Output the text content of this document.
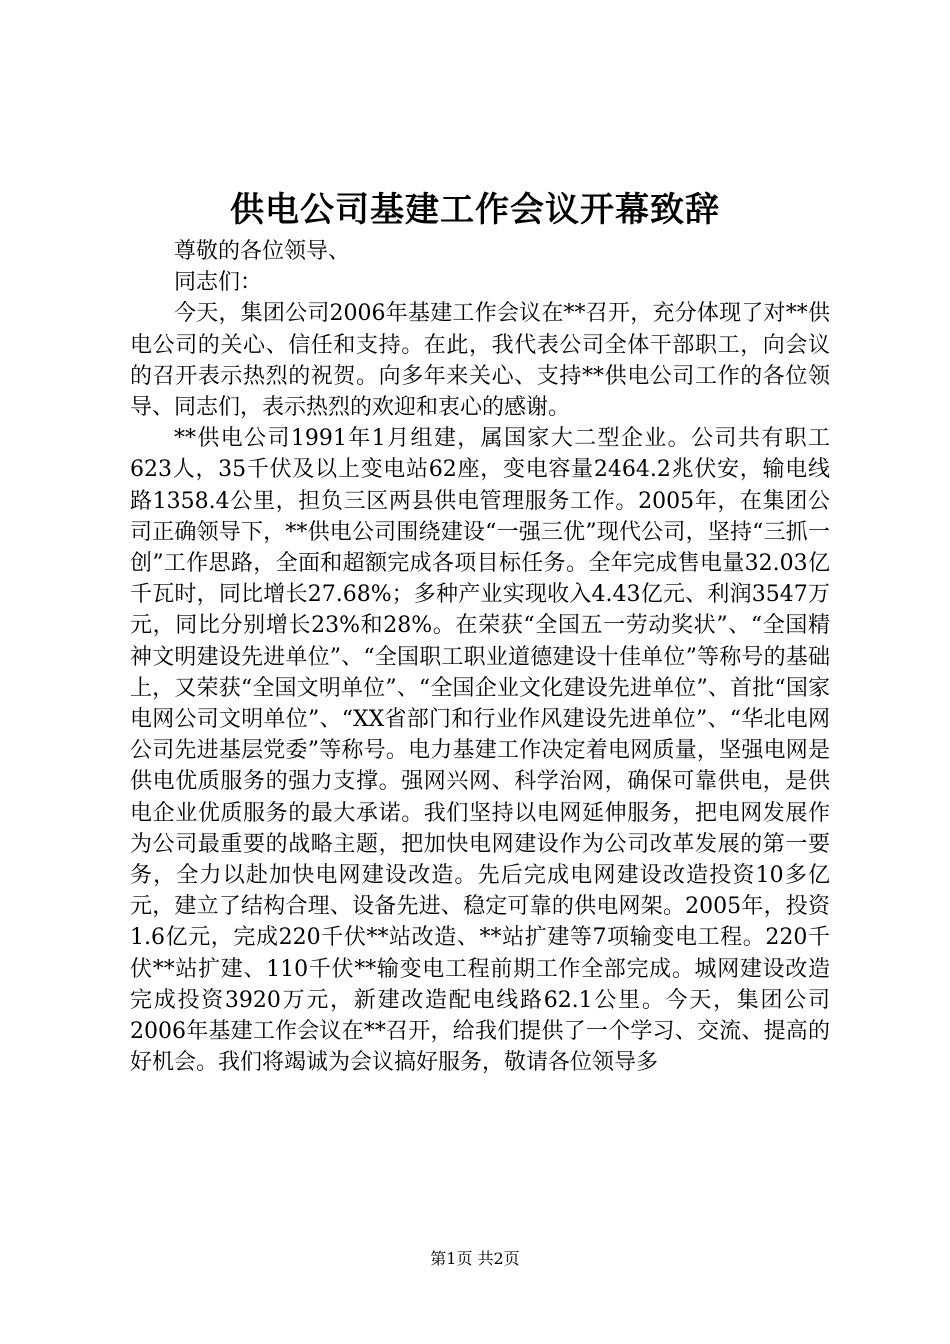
供电公司基建工作会议开幕致辞

尊敬的各位领导、

同志们：

今天，集团公司2006年基建工作会议在**召开，充分体现了对**供电公司的关心、信任和支持。在此，我代表公司全体干部职工，向会议的召开表示热烈的祝贺。向多年来关心、支持**供电公司工作的各位领导、同志们，表示热烈的欢迎和衷心的感谢。

**供电公司1991年1月组建，属国家大二型企业。公司共有职工623人，35千伏及以上变电站62座，变电容量2464.2兆伏安，输电线路1358.4公里，担负三区两县供电管理服务工作。2005年，在集团公司正确领导下，**供电公司围绕建设“一强三优”现代公司，坚持“三抓一创”工作思路，全面和超额完成各项目标任务。全年完成售电量32.03亿千瓦时，同比增长27.68%；多种产业实现收入4.43亿元、利润3547万元，同比分别增长23%和28%。在荣获“全国五一劳动奖状”、“全国精神文明建设先进单位”、“全国职工职业道德建设十佳单位”等称号的基础上，又荣获“全国文明单位”、“全国企业文化建设先进单位”、首批“国家电网公司文明单位”、“XX省部门和行业作风建设先进单位”、“华北电网公司先进基层党委”等称号。电力基建工作决定着电网质量，坚强电网是供电优质服务的强力支撑。强网兴网、科学治网，确保可靠供电，是供电企业优质服务的最大承诺。我们坚持以电网延伸服务，把电网发展作为公司最重要的战略主题，把加快电网建设作为公司改革发展的第一要务，全力以赴加快电网建设改造。先后完成电网建设改造投资10多亿元，建立了结构合理、设备先进、稳定可靠的供电网架。2005年，投资1.6亿元，完成220千伏**站改造、**站扩建等7项输变电工程。220千伏**站扩建、110千伏**输变电工程前期工作全部完成。城网建设改造完成投资3920万元，新建改造配电线路62.1公里。今天，集团公司2006年基建工作会议在**召开，给我们提供了一个学习、交流、提高的好机会。我们将竭诚为会议搞好服务，敬请各位领导多

第1页 共2页
